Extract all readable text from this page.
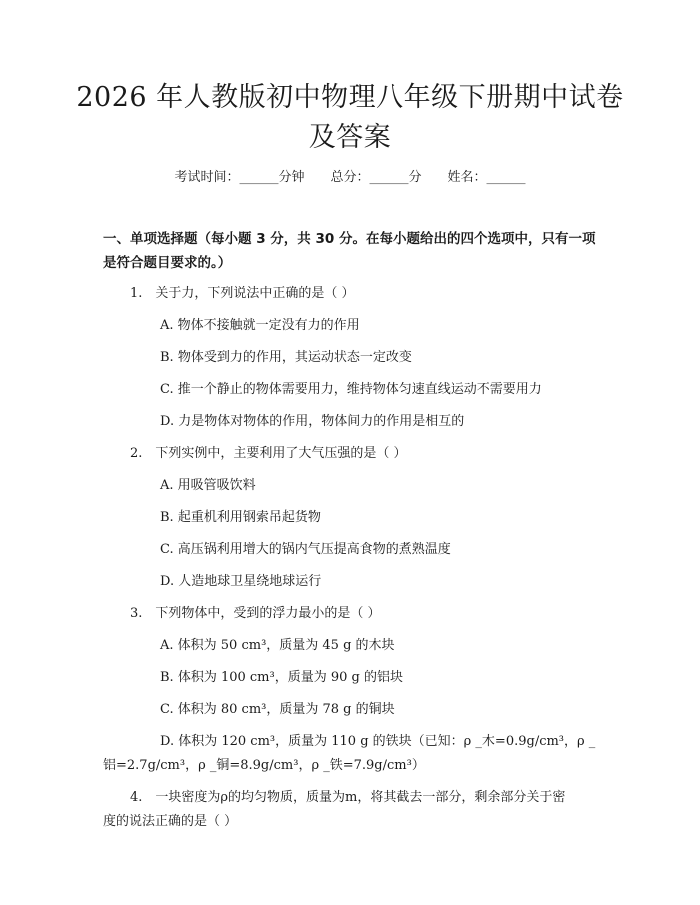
2026 年人教版初中物理八年级下册期中试卷
及答案
考试时间：______分钟 总分：______分 姓名：______
一、单项选择题（每小题 3 分，共 30 分。在每小题给出的四个选项中，只有一项
是符合题目要求的。）
1.　关于力，下列说法中正确的是（ ）
A. 物体不接触就一定没有力的作用
B. 物体受到力的作用，其运动状态一定改变
C. 推一个静止的物体需要用力，维持物体匀速直线运动不需要用力
D. 力是物体对物体的作用，物体间力的作用是相互的
2.　下列实例中，主要利用了大气压强的是（ ）
A. 用吸管吸饮料
B. 起重机利用钢索吊起货物
C. 高压锅利用增大的锅内气压提高食物的煮熟温度
D. 人造地球卫星绕地球运行
3.　下列物体中，受到的浮力最小的是（ ）
A. 体积为 50 cm³，质量为 45 g 的木块
B. 体积为 100 cm³，质量为 90 g 的铝块
C. 体积为 80 cm³，质量为 78 g 的铜块
D. 体积为 120 cm³，质量为 110 g 的铁块（已知：ρ _木=0.9g/cm³，ρ _
铝=2.7g/cm³，ρ _铜=8.9g/cm³，ρ _铁=7.9g/cm³）
4.　一块密度为ρ的均匀物质，质量为m，将其截去一部分，剩余部分关于密
度的说法正确的是（ ）
